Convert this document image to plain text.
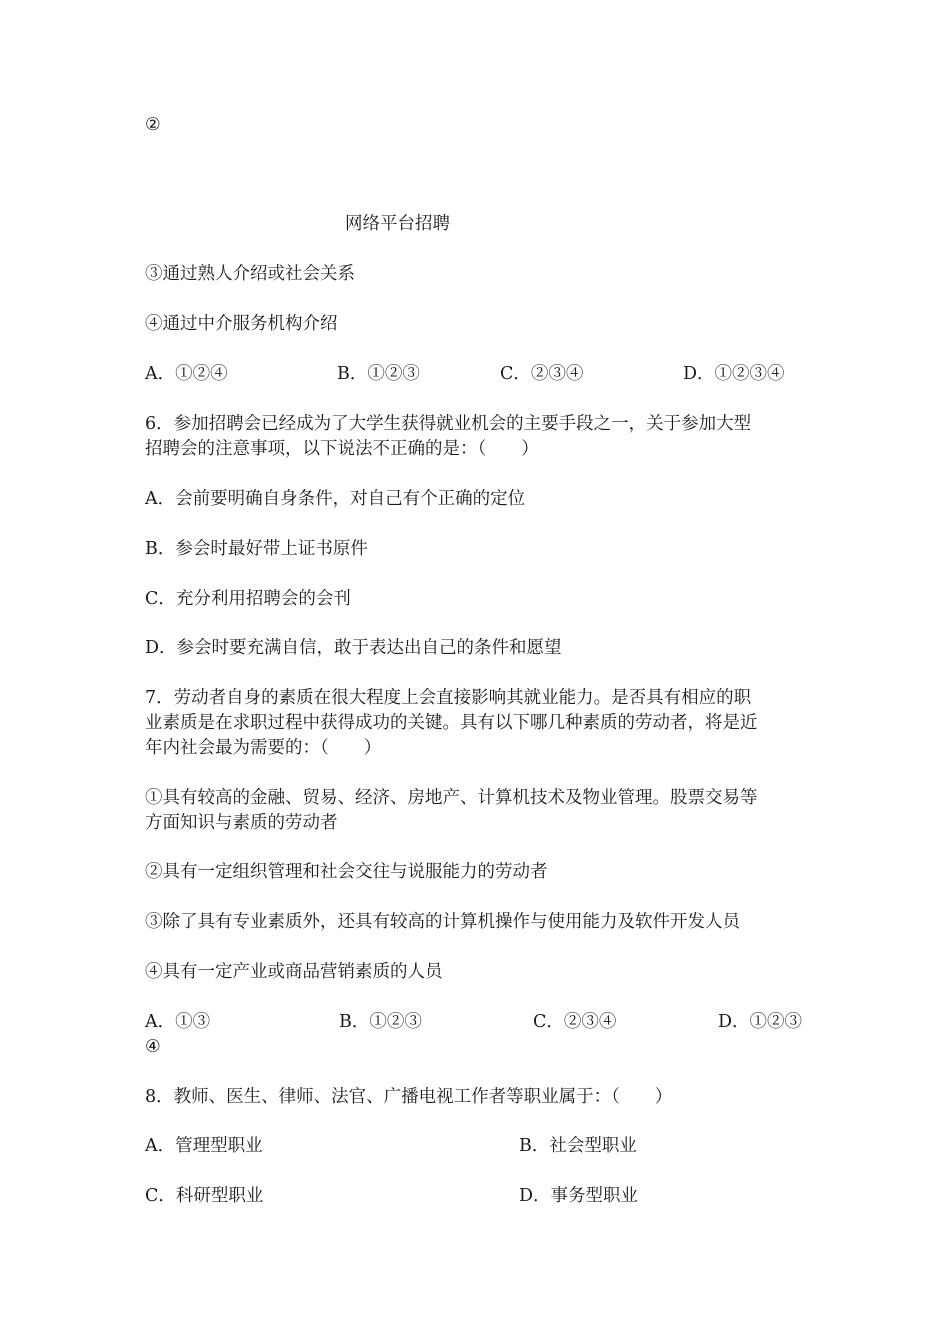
②
网络平台招聘
③通过熟人介绍或社会关系
④通过中介服务机构介绍
A．①②④	B．①②③	C．②③④	D．①②③④
6．参加招聘会已经成为了大学生获得就业机会的主要手段之一，关于参加大型
招聘会的注意事项，以下说法不正确的是：（　　）
A．会前要明确自身条件，对自己有个正确的定位
B．参会时最好带上证书原件
C．充分利用招聘会的会刊
D．参会时要充满自信，敢于表达出自己的条件和愿望
7．劳动者自身的素质在很大程度上会直接影响其就业能力。是否具有相应的职
业素质是在求职过程中获得成功的关键。具有以下哪几种素质的劳动者，将是近
年内社会最为需要的：（　　）
①具有较高的金融、贸易、经济、房地产、计算机技术及物业管理。股票交易等
方面知识与素质的劳动者
②具有一定组织管理和社会交往与说服能力的劳动者
③除了具有专业素质外，还具有较高的计算机操作与使用能力及软件开发人员
④具有一定产业或商品营销素质的人员
A．①③	B．①②③	C．②③④	D．①②③
④
8．教师、医生、律师、法官、广播电视工作者等职业属于：（　　）
A．管理型职业	B．社会型职业
C．科研型职业	D．事务型职业
